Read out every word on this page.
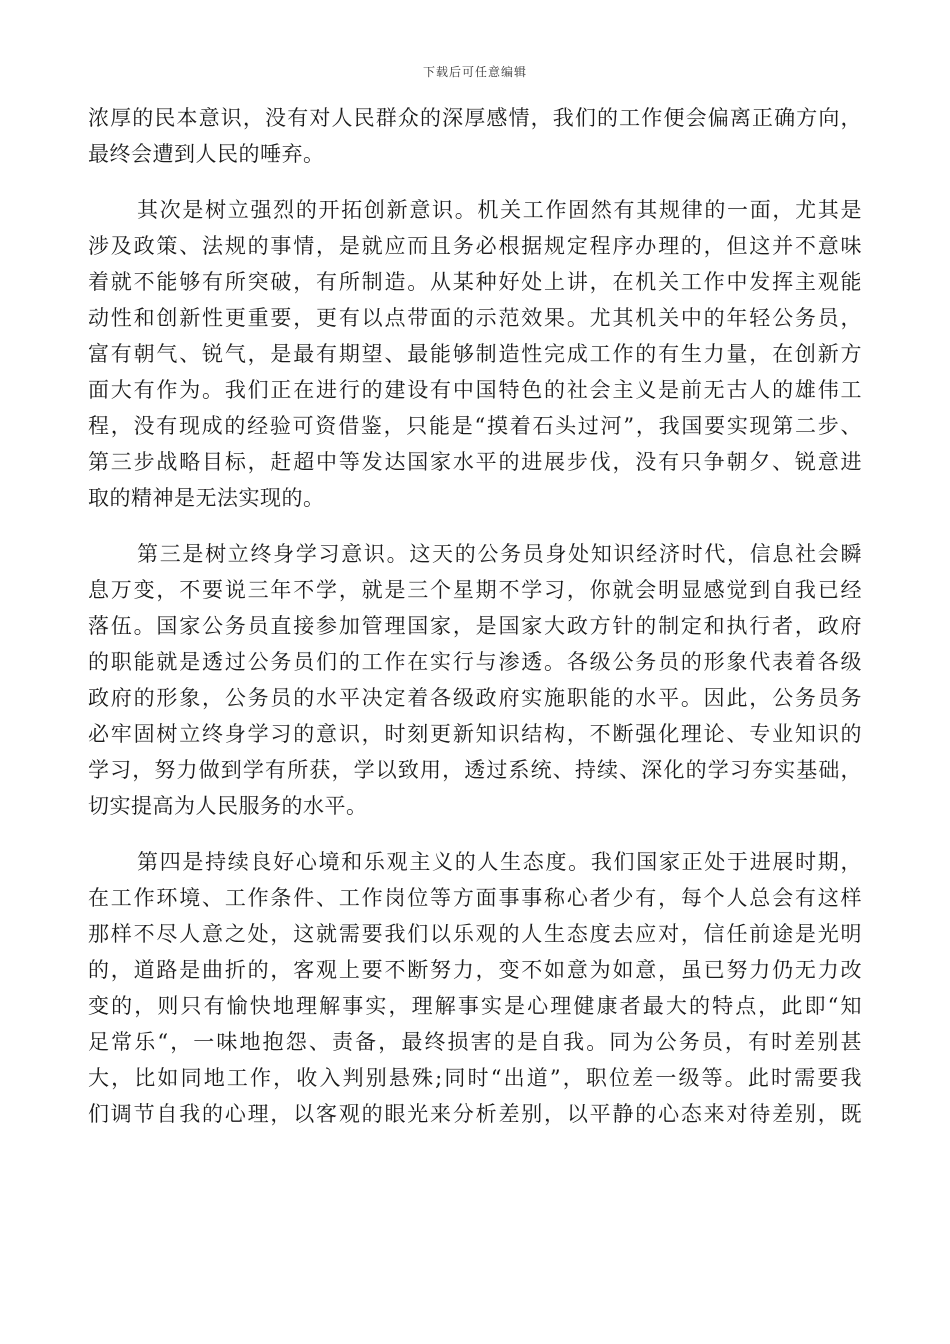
下载后可任意编辑
浓厚的民本意识，没有对人民群众的深厚感情，我们的工作便会偏离正确方向，
最终会遭到人民的唾弃。
其次是树立强烈的开拓创新意识。机关工作固然有其规律的一面，尤其是
涉及政策、法规的事情，是就应而且务必根据规定程序办理的，但这并不意味
着就不能够有所突破，有所制造。从某种好处上讲，在机关工作中发挥主观能
动性和创新性更重要，更有以点带面的示范效果。尤其机关中的年轻公务员，
富有朝气、锐气，是最有期望、最能够制造性完成工作的有生力量，在创新方
面大有作为。我们正在进行的建设有中国特色的社会主义是前无古人的雄伟工
程，没有现成的经验可资借鉴，只能是“摸着石头过河”，我国要实现第二步、
第三步战略目标，赶超中等发达国家水平的进展步伐，没有只争朝夕、锐意进
取的精神是无法实现的。
第三是树立终身学习意识。这天的公务员身处知识经济时代，信息社会瞬
息万变，不要说三年不学，就是三个星期不学习，你就会明显感觉到自我已经
落伍。国家公务员直接参加管理国家，是国家大政方针的制定和执行者，政府
的职能就是透过公务员们的工作在实行与渗透。各级公务员的形象代表着各级
政府的形象，公务员的水平决定着各级政府实施职能的水平。因此，公务员务
必牢固树立终身学习的意识，时刻更新知识结构，不断强化理论、专业知识的
学习，努力做到学有所获，学以致用，透过系统、持续、深化的学习夯实基础，
切实提高为人民服务的水平。
第四是持续良好心境和乐观主义的人生态度。我们国家正处于进展时期，
在工作环境、工作条件、工作岗位等方面事事称心者少有，每个人总会有这样
那样不尽人意之处，这就需要我们以乐观的人生态度去应对，信任前途是光明
的，道路是曲折的，客观上要不断努力，变不如意为如意，虽已努力仍无力改
变的，则只有愉快地理解事实，理解事实是心理健康者最大的特点，此即“知
足常乐“，一味地抱怨、责备，最终损害的是自我。同为公务员，有时差别甚
大，比如同地工作，收入判别悬殊;同时“出道”，职位差一级等。此时需要我
们调节自我的心理，以客观的眼光来分析差别，以平静的心态来对待差别，既
